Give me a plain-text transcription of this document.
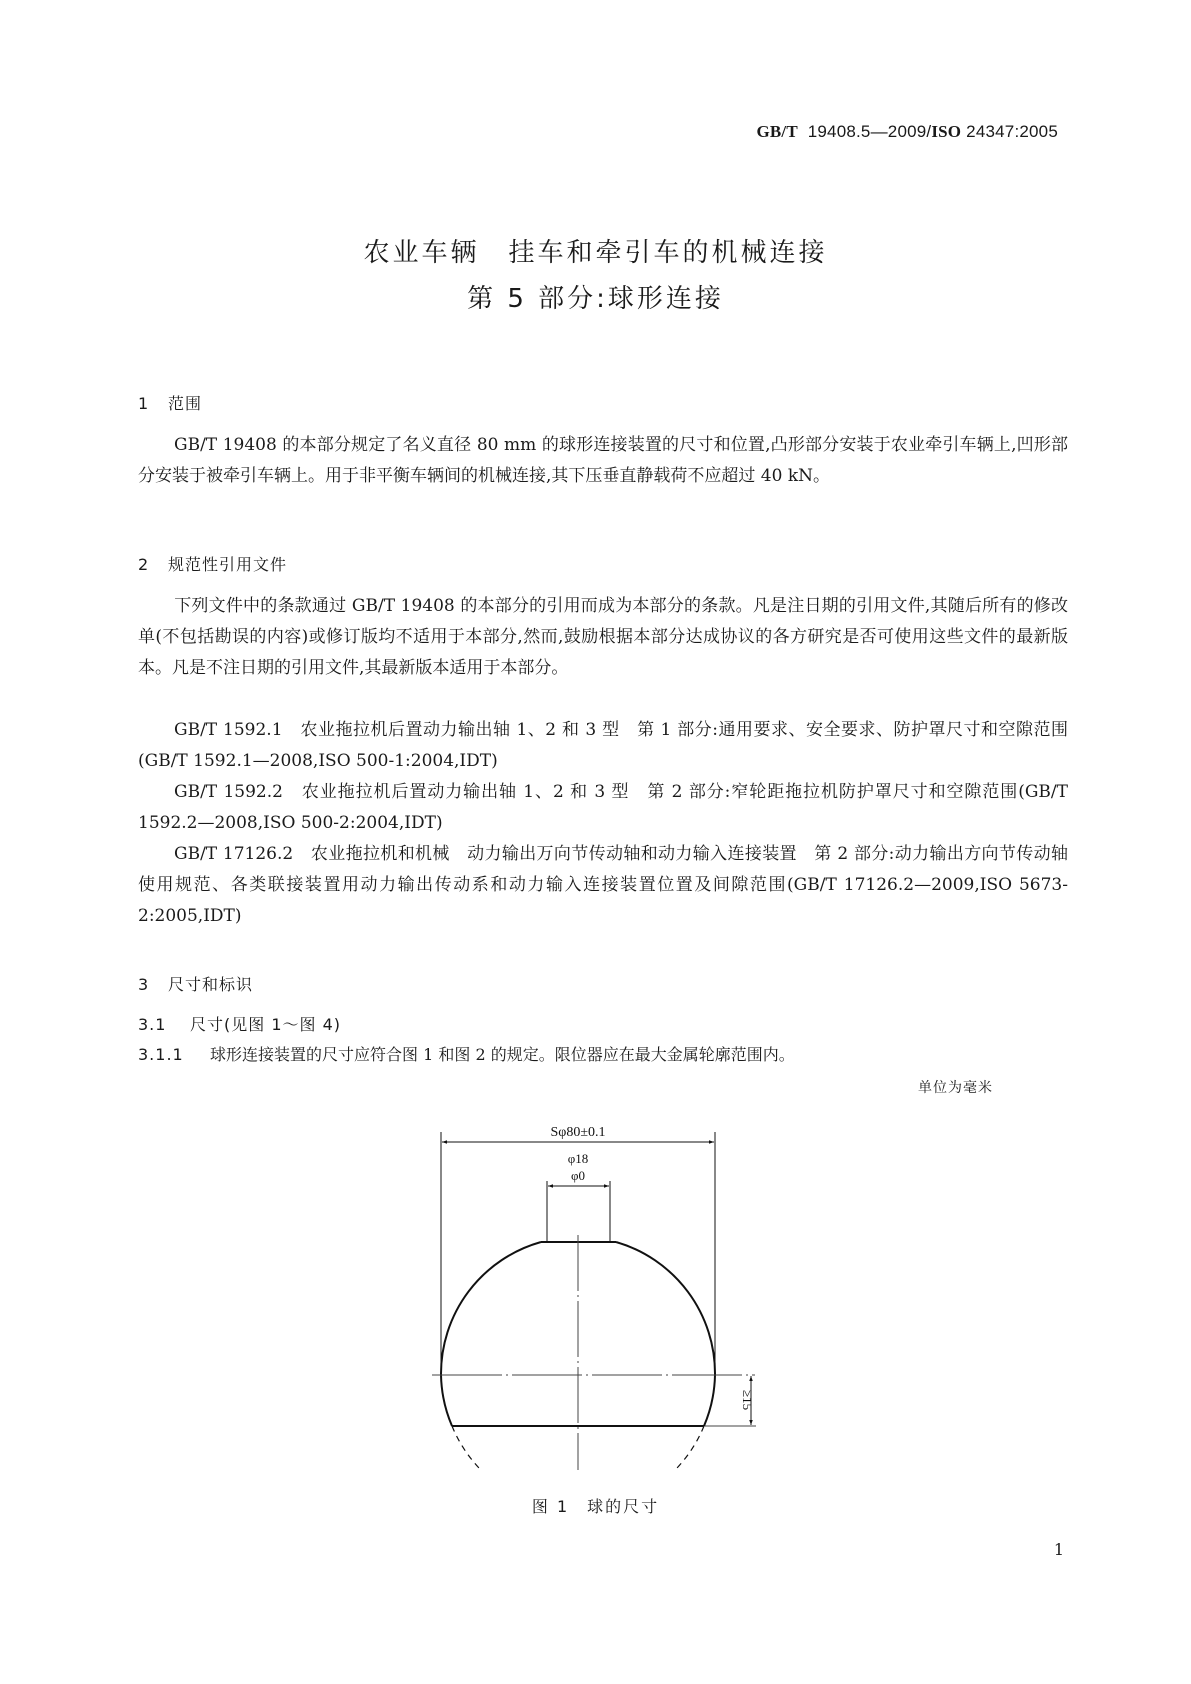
GB/T 19408.5—2009/ISO 24347:2005
农业车辆　挂车和牵引车的机械连接
第 5 部分:球形连接
1 范围
GB/T 19408 的本部分规定了名义直径 80 mm 的球形连接装置的尺寸和位置,凸形部分安装于农业牵引车辆上,凹形部分安装于被牵引车辆上。用于非平衡车辆间的机械连接,其下压垂直静载荷不应超过 40 kN。
2 规范性引用文件
下列文件中的条款通过 GB/T 19408 的本部分的引用而成为本部分的条款。凡是注日期的引用文件,其随后所有的修改单(不包括勘误的内容)或修订版均不适用于本部分,然而,鼓励根据本部分达成协议的各方研究是否可使用这些文件的最新版本。凡是不注日期的引用文件,其最新版本适用于本部分。
GB/T 1592.1　农业拖拉机后置动力输出轴 1、2 和 3 型　第 1 部分:通用要求、安全要求、防护罩尺寸和空隙范围(GB/T 1592.1—2008,ISO 500-1:2004,IDT)
GB/T 1592.2　农业拖拉机后置动力输出轴 1、2 和 3 型　第 2 部分:窄轮距拖拉机防护罩尺寸和空隙范围(GB/T 1592.2—2008,ISO 500-2:2004,IDT)
GB/T 17126.2　农业拖拉机和机械　动力输出万向节传动轴和动力输入连接装置　第 2 部分:动力输出方向节传动轴使用规范、各类联接装置用动力输出传动系和动力输入连接装置位置及间隙范围(GB/T 17126.2—2009,ISO 5673-2:2005,IDT)
3 尺寸和标识
3.1 尺寸(见图 1～图 4)
3.1.1 球形连接装置的尺寸应符合图 1 和图 2 的规定。限位器应在最大金属轮廓范围内。
单位为毫米
Sφ80±0.1
φ18
φ0
≥15
图 1　球的尺寸
1
